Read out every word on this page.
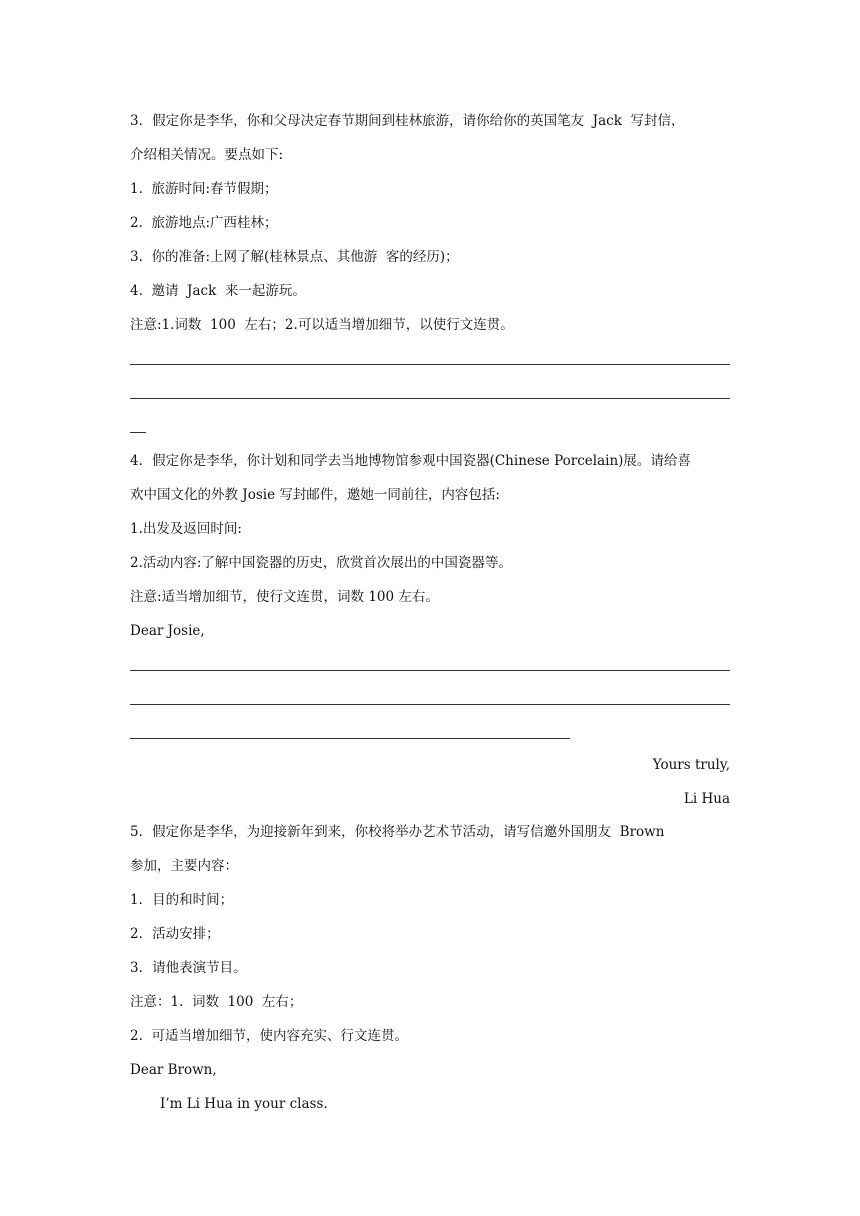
3．假定你是李华，你和父母决定春节期间到桂林旅游，请你给你的英国笔友  Jack  写封信，
介绍相关情况。要点如下:
1.  旅游时间:春节假期；
2.  旅游地点:广西桂林；
3.  你的准备:上网了解(桂林景点、其他游  客的经历)；
4.  邀请  Jack  来一起游玩。
注意:1.词数  100  左右；2.可以适当增加细节，以使行文连贯。
4．假定你是李华，你计划和同学去当地博物馆参观中国瓷器(Chinese Porcelain)展。请给喜
欢中国文化的外教 Josie 写封邮件，邀她一同前往，内容包括:
1.出发及返回时间:
2.活动内容:了解中国瓷器的历史，欣赏首次展出的中国瓷器等。
注意:适当增加细节，使行文连贯，词数 100 左右。
Dear Josie,
Yours truly,
Li Hua
5．假定你是李华，为迎接新年到来，你校将举办艺术节活动，请写信邀外国朋友  Brown
参加，主要内容：
1．目的和时间；
2．活动安排；
3．请他表演节目。
注意：1.  词数  100  左右；
2.  可适当增加细节，使内容充实、行文连贯。
Dear Brown,
I’m Li Hua in your class.
